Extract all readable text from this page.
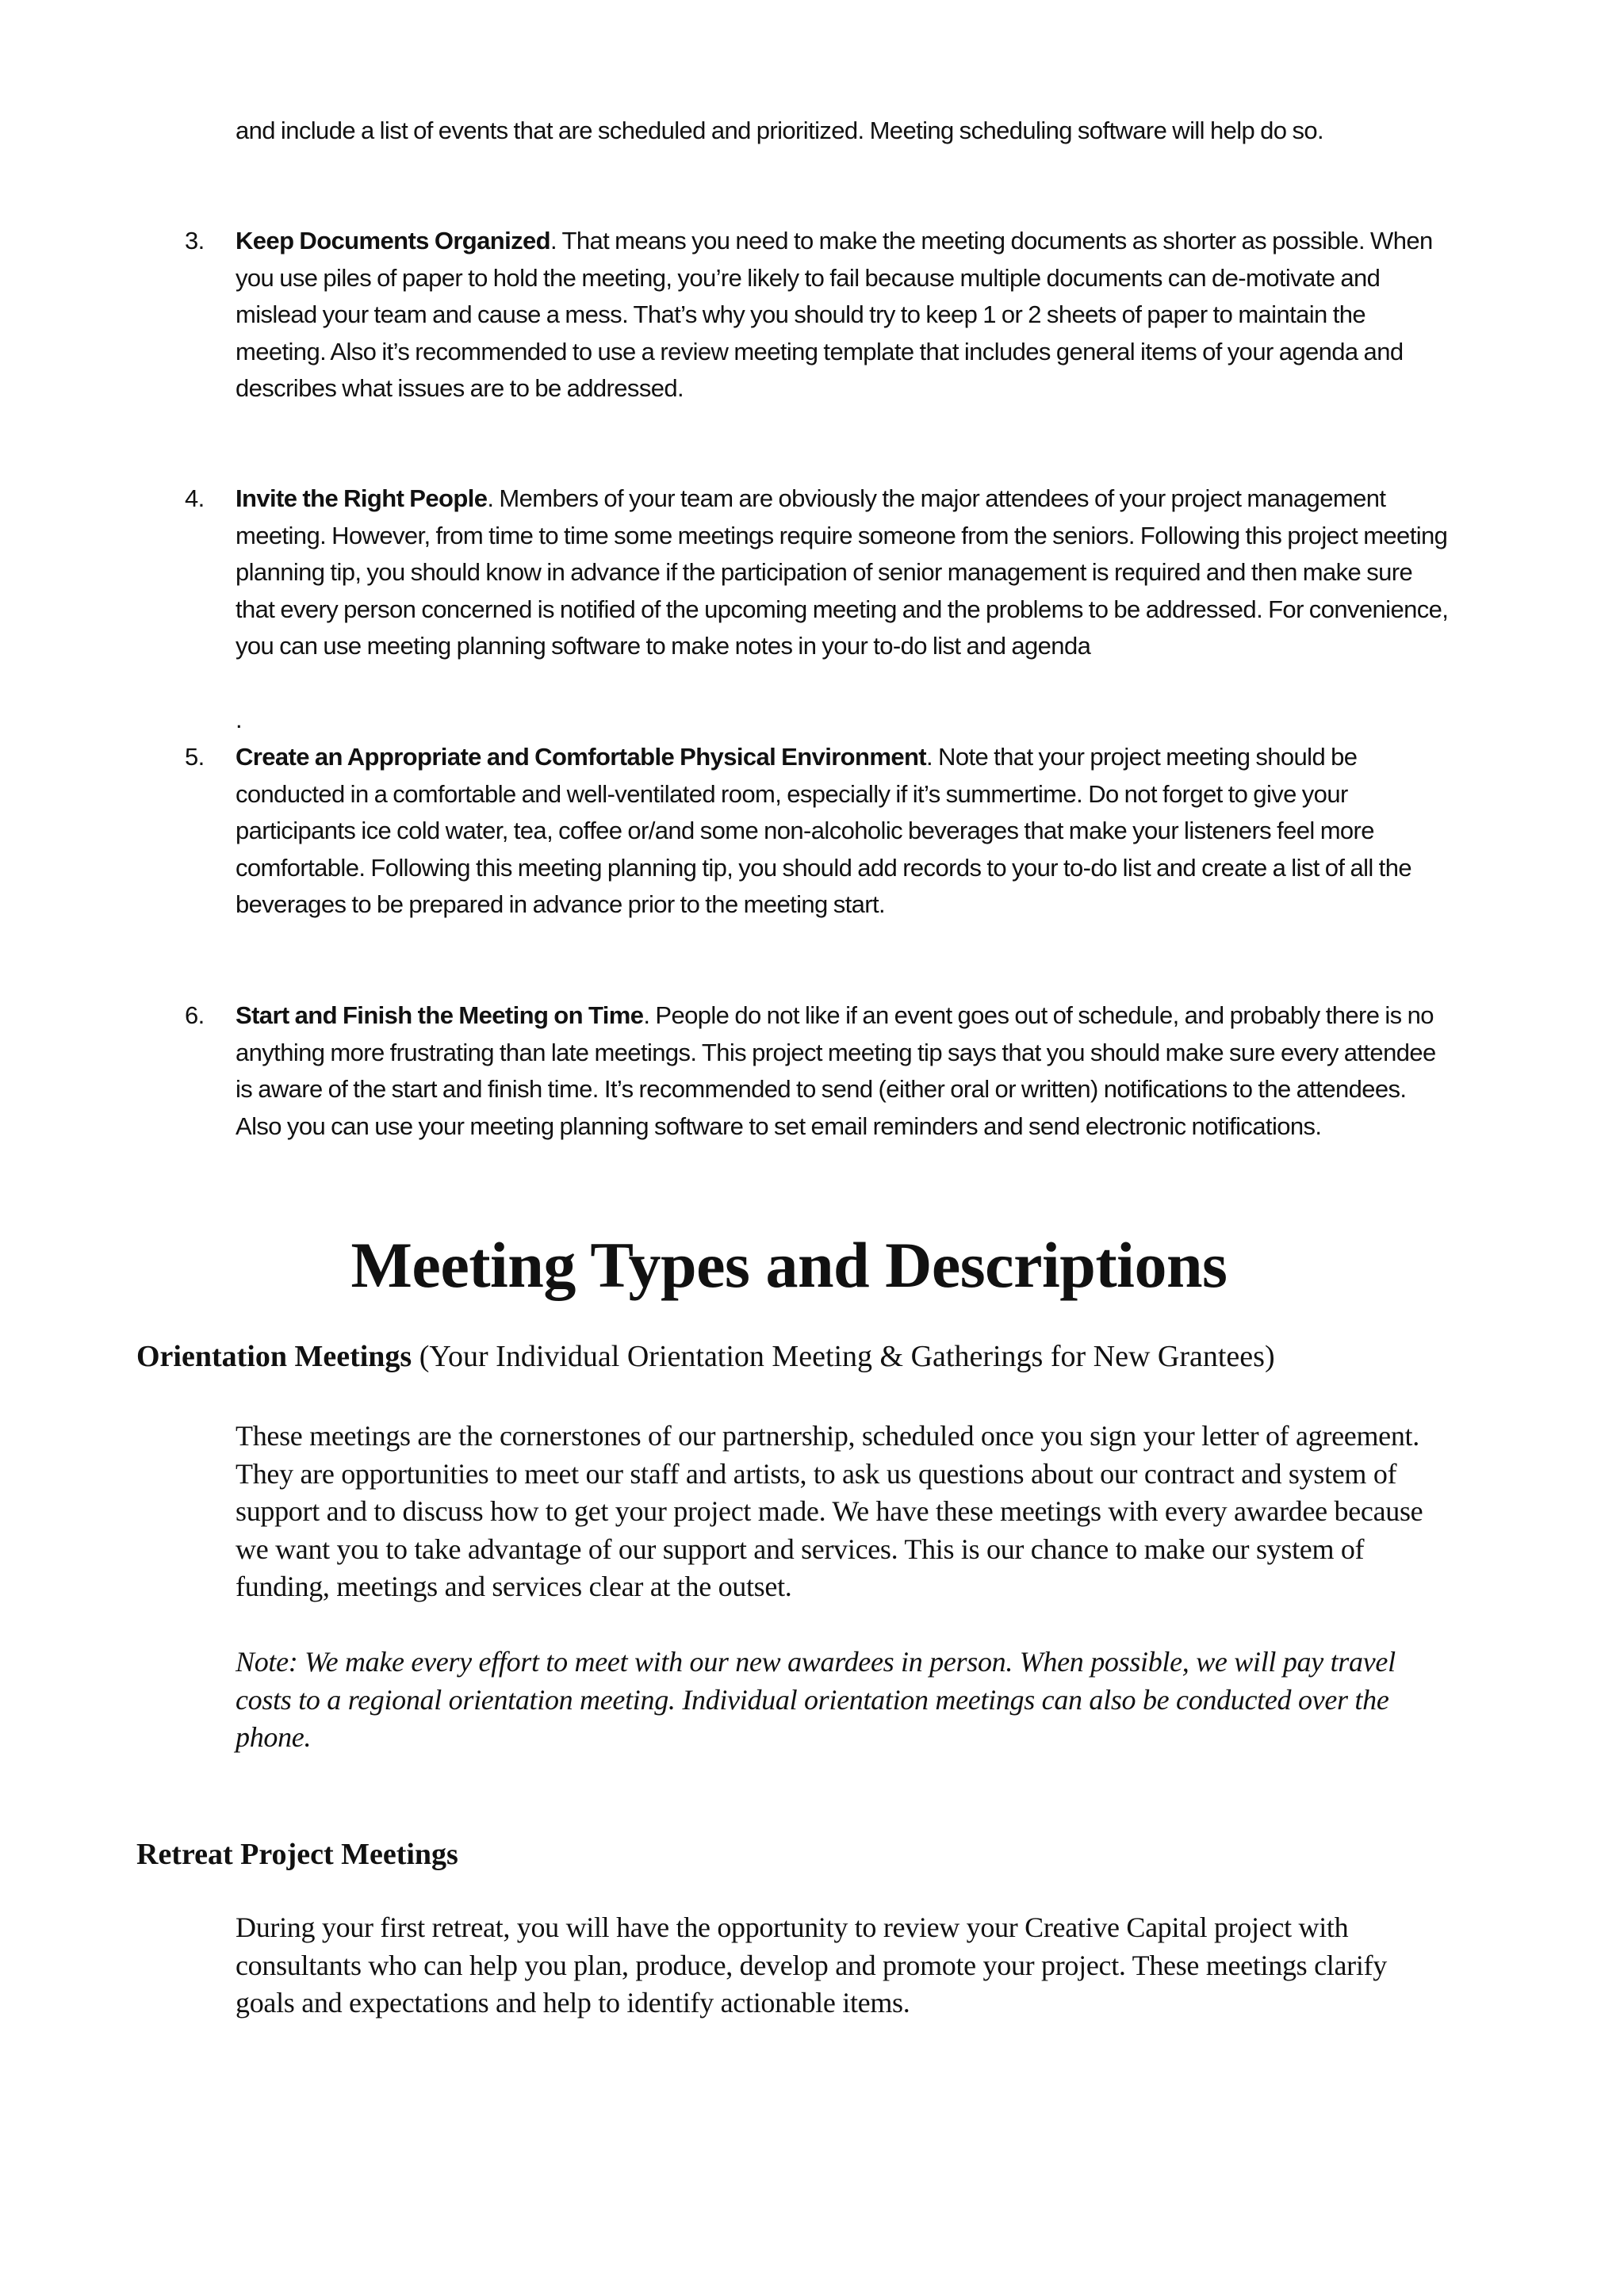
and include a list of events that are scheduled and prioritized. Meeting scheduling software will help do so.

3.	Keep Documents Organized. That means you need to make the meeting documents as shorter as possible. When you use piles of paper to hold the meeting, you’re likely to fail because multiple documents can de-motivate and mislead your team and cause a mess. That’s why you should try to keep 1 or 2 sheets of paper to maintain the meeting. Also it’s recommended to use a review meeting template that includes general items of your agenda and describes what issues are to be addressed.

4.	Invite the Right People. Members of your team are obviously the major attendees of your project management meeting. However, from time to time some meetings require someone from the seniors. Following this project meeting planning tip, you should know in advance if the participation of senior management is required and then make sure that every person concerned is notified of the upcoming meeting and the problems to be addressed. For convenience, you can use meeting planning software to make notes in your to-do list and agenda

.
5.	Create an Appropriate and Comfortable Physical Environment. Note that your project meeting should be conducted in a comfortable and well-ventilated room, especially if it’s summertime. Do not forget to give your participants ice cold water, tea, coffee or/and some non-alcoholic beverages that make your listeners feel more comfortable. Following this meeting planning tip, you should add records to your to-do list and create a list of all the beverages to be prepared in advance prior to the meeting start.

6.	Start and Finish the Meeting on Time. People do not like if an event goes out of schedule, and probably there is no anything more frustrating than late meetings. This project meeting tip says that you should make sure every attendee is aware of the start and finish time. It’s recommended to send (either oral or written) notifications to the attendees. Also you can use your meeting planning software to set email reminders and send electronic notifications.

Meeting Types and Descriptions

Orientation Meetings (Your Individual Orientation Meeting & Gatherings for New Grantees)

These meetings are the cornerstones of our partnership, scheduled once you sign your letter of agreement. They are opportunities to meet our staff and artists, to ask us questions about our contract and system of support and to discuss how to get your project made. We have these meetings with every awardee because we want you to take advantage of our support and services. This is our chance to make our system of funding, meetings and services clear at the outset.

Note: We make every effort to meet with our new awardees in person. When possible, we will pay travel costs to a regional orientation meeting. Individual orientation meetings can also be conducted over the phone.

Retreat Project Meetings

During your first retreat, you will have the opportunity to review your Creative Capital project with consultants who can help you plan, produce, develop and promote your project. These meetings clarify goals and expectations and help to identify actionable items.
